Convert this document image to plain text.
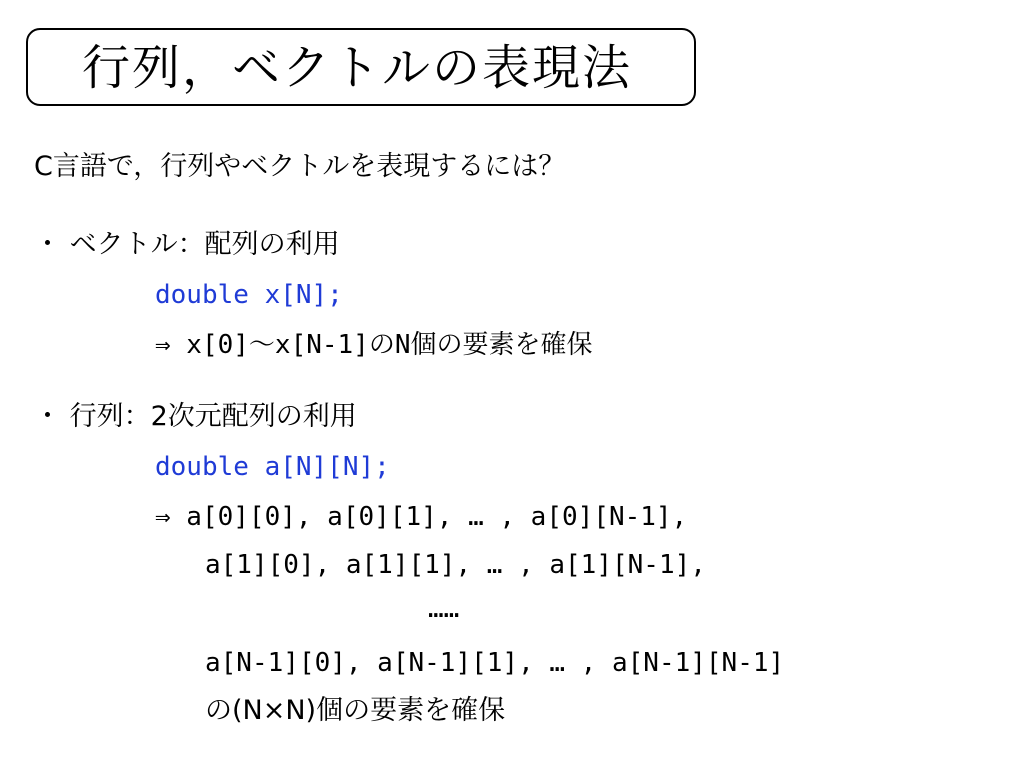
行列，ベクトルの表現法
C言語で，行列やベクトルを表現するには？
・ ベクトル：配列の利用
double x[N];
⇒ x[0]～x[N-1]のN個の要素を確保
・ 行列：2次元配列の利用
double a[N][N];
⇒ a[0][0], a[0][1], … , a[0][N-1],
a[1][0], a[1][1], … , a[1][N-1],
……
a[N-1][0], a[N-1][1], … , a[N-1][N-1]
の(N×N)個の要素を確保
